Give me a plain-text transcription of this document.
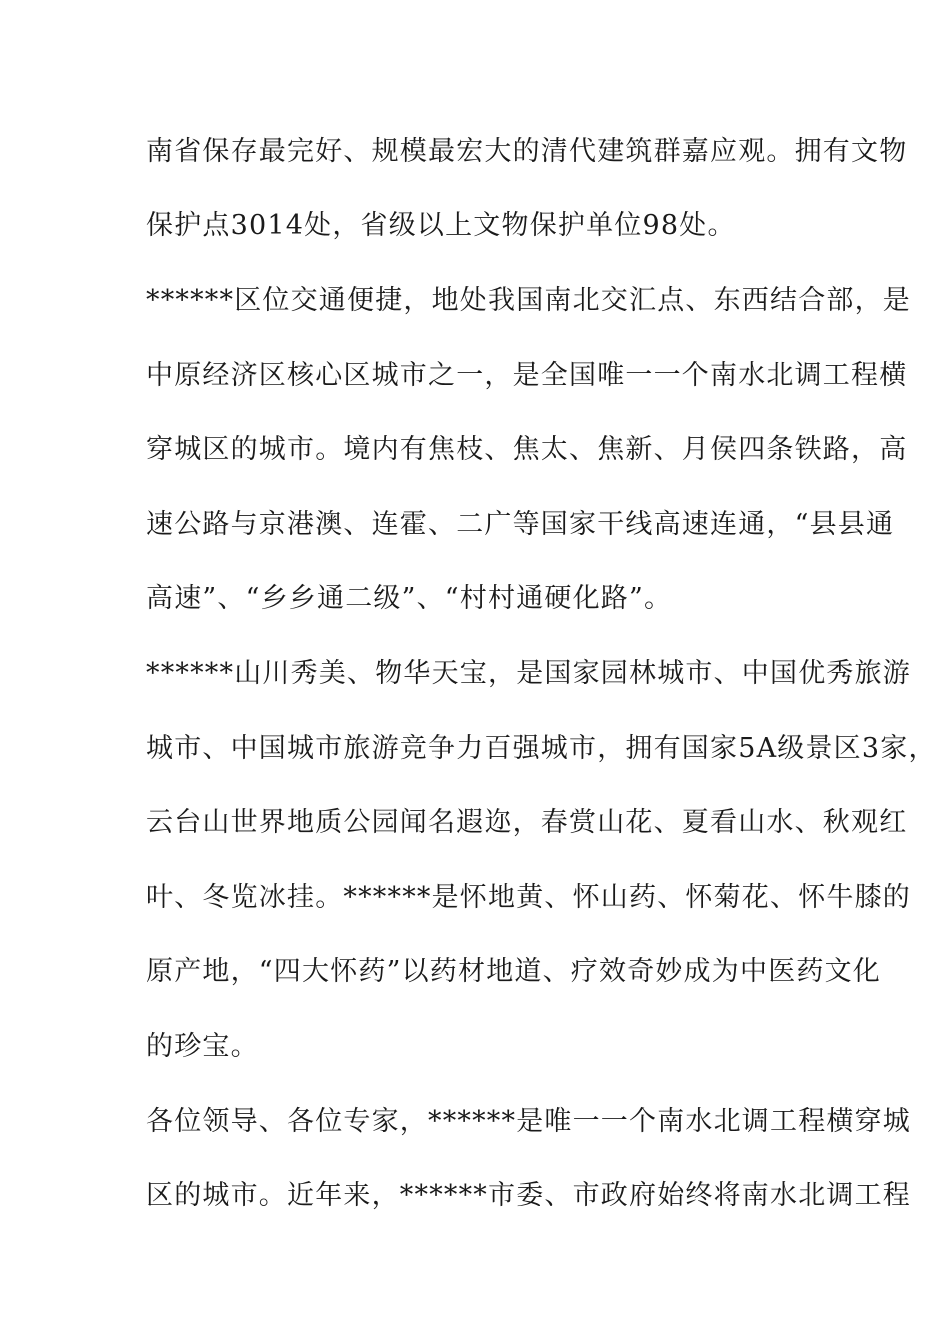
南省保存最完好、规模最宏大的清代建筑群嘉应观。拥有文物
保护点3014处，省级以上文物保护单位98处。
******区位交通便捷，地处我国南北交汇点、东西结合部，是
中原经济区核心区城市之一，是全国唯一一个南水北调工程横
穿城区的城市。境内有焦枝、焦太、焦新、月侯四条铁路，高
速公路与京港澳、连霍、二广等国家干线高速连通，“县县通
高速”、“乡乡通二级”、“村村通硬化路”。
******山川秀美、物华天宝，是国家园林城市、中国优秀旅游
城市、中国城市旅游竞争力百强城市，拥有国家5A级景区3家，
云台山世界地质公园闻名遐迩，春赏山花、夏看山水、秋观红
叶、冬览冰挂。******是怀地黄、怀山药、怀菊花、怀牛膝的
原产地，“四大怀药”以药材地道、疗效奇妙成为中医药文化
的珍宝。
各位领导、各位专家，******是唯一一个南水北调工程横穿城
区的城市。近年来，******市委、市政府始终将南水北调工程
